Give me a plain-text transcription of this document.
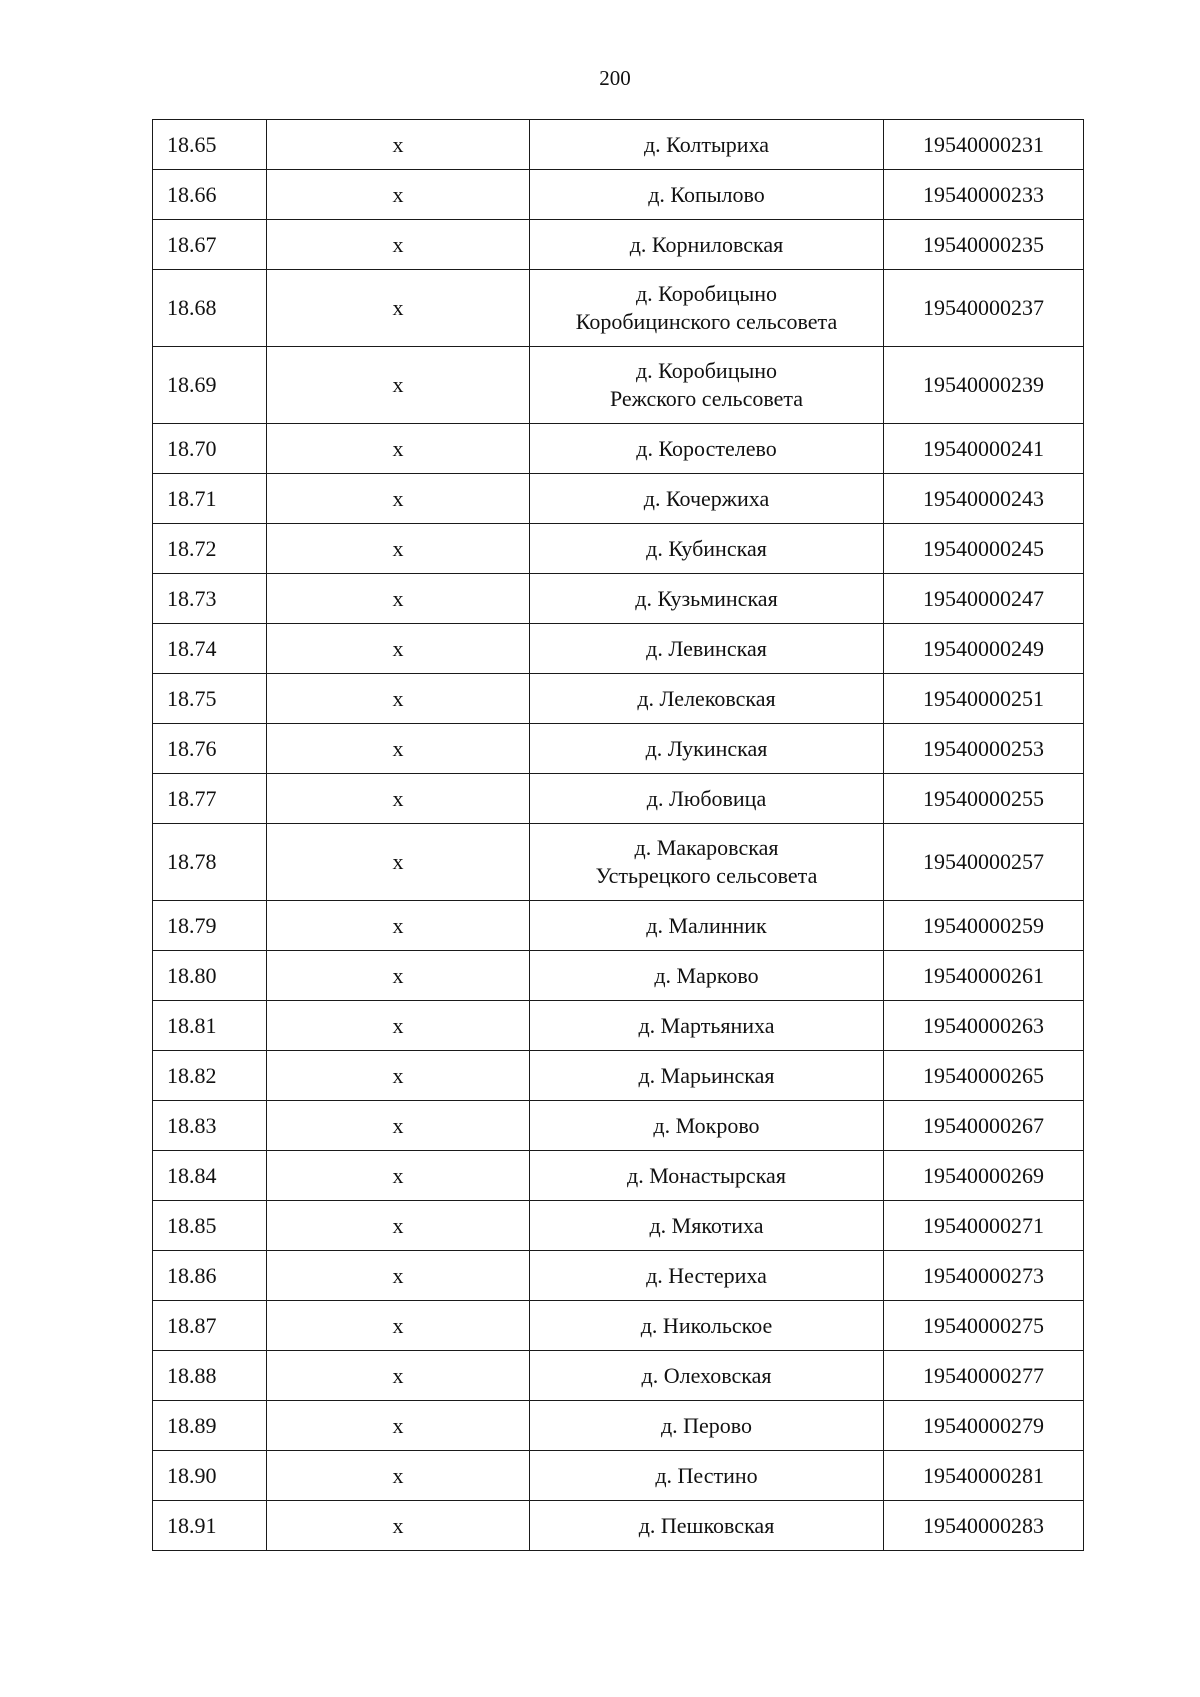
200
18.65	х	д. Колтыриха	19540000231
18.66	х	д. Копылово	19540000233
18.67	х	д. Корниловская	19540000235
18.68	х	д. Коробицыно
Коробицинского сельсовета	19540000237
18.69	х	д. Коробицыно
Режского сельсовета	19540000239
18.70	х	д. Коростелево	19540000241
18.71	х	д. Кочержиха	19540000243
18.72	х	д. Кубинская	19540000245
18.73	х	д. Кузьминская	19540000247
18.74	х	д. Левинская	19540000249
18.75	х	д. Лелековская	19540000251
18.76	х	д. Лукинская	19540000253
18.77	х	д. Любовица	19540000255
18.78	х	д. Макаровская
Устьрецкого сельсовета	19540000257
18.79	х	д. Малинник	19540000259
18.80	х	д. Марково	19540000261
18.81	х	д. Мартьяниха	19540000263
18.82	х	д. Марьинская	19540000265
18.83	х	д. Мокрово	19540000267
18.84	х	д. Монастырская	19540000269
18.85	х	д. Мякотиха	19540000271
18.86	х	д. Нестериха	19540000273
18.87	х	д. Никольское	19540000275
18.88	х	д. Олеховская	19540000277
18.89	х	д. Перово	19540000279
18.90	х	д. Пестино	19540000281
18.91	х	д. Пешковская	19540000283
